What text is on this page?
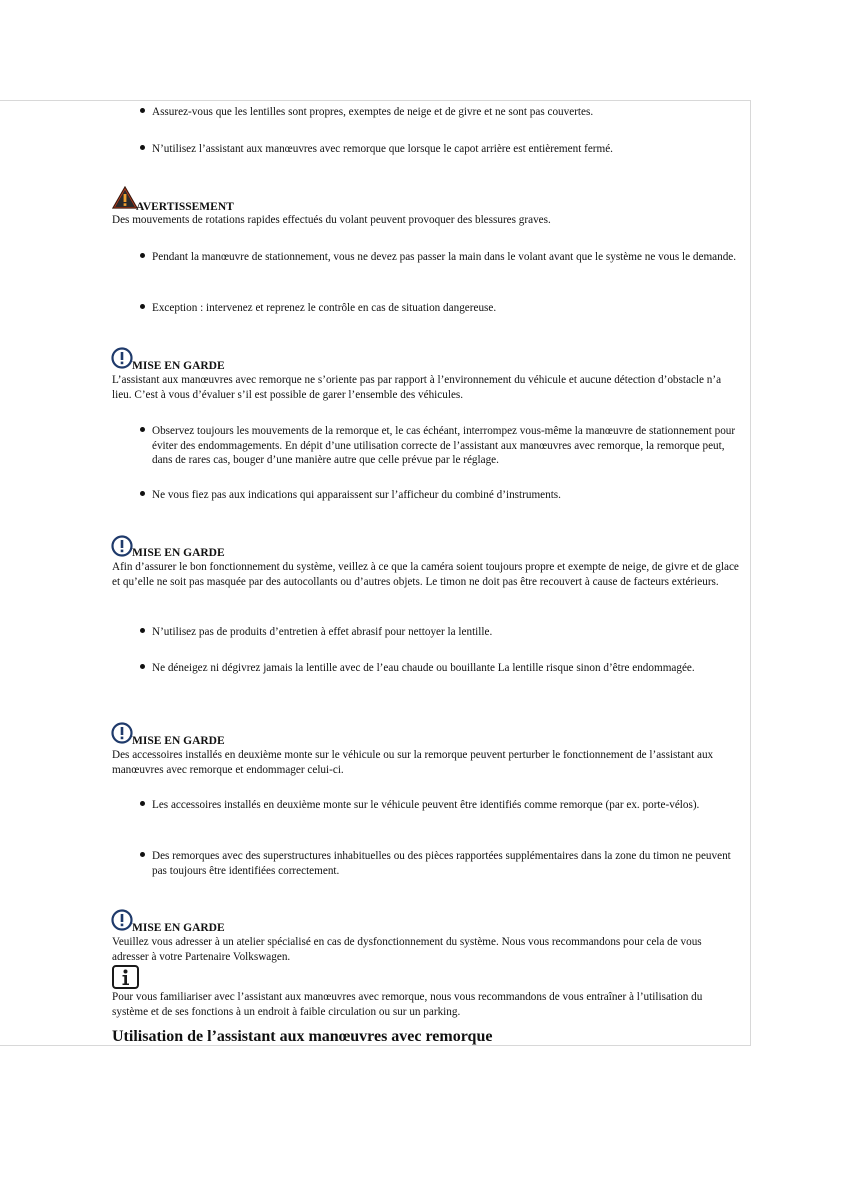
Assurez-vous que les lentilles sont propres, exemptes de neige et de givre et ne sont pas couvertes.
N’utilisez l’assistant aux manœuvres avec remorque que lorsque le capot arrière est entièrement fermé.
AVERTISSEMENT
Des mouvements de rotations rapides effectués du volant peuvent provoquer des blessures graves.
Pendant la manœuvre de stationnement, vous ne devez pas passer la main dans le volant avant que le système ne vous le demande.
Exception : intervenez et reprenez le contrôle en cas de situation dangereuse.
MISE EN GARDE
L’assistant aux manœuvres avec remorque ne s’oriente pas par rapport à l’environnement du véhicule et aucune détection d’obstacle n’a lieu. C’est à vous d’évaluer s’il est possible de garer l’ensemble des véhicules.
Observez toujours les mouvements de la remorque et, le cas échéant, interrompez vous-même la manœuvre de stationnement pour éviter des endommagements. En dépit d’une utilisation correcte de l’assistant aux manœuvres avec remorque, la remorque peut, dans de rares cas, bouger d’une manière autre que celle prévue par le réglage.
Ne vous fiez pas aux indications qui apparaissent sur l’afficheur du combiné d’instruments.
MISE EN GARDE
Afin d’assurer le bon fonctionnement du système, veillez à ce que la caméra soient toujours propre et exempte de neige, de givre et de glace et qu’elle ne soit pas masquée par des autocollants ou d’autres objets. Le timon ne doit pas être recouvert à cause de facteurs extérieurs.
N’utilisez pas de produits d’entretien à effet abrasif pour nettoyer la lentille.
Ne déneigez ni dégivrez jamais la lentille avec de l’eau chaude ou bouillante La lentille risque sinon d’être endommagée.
MISE EN GARDE
Des accessoires installés en deuxième monte sur le véhicule ou sur la remorque peuvent perturber le fonctionnement de l’assistant aux manœuvres avec remorque et endommager celui-ci.
Les accessoires installés en deuxième monte sur le véhicule peuvent être identifiés comme remorque (par ex. porte-vélos).
Des remorques avec des superstructures inhabituelles ou des pièces rapportées supplémentaires dans la zone du timon ne peuvent pas toujours être identifiées correctement.
MISE EN GARDE
Veuillez vous adresser à un atelier spécialisé en cas de dysfonctionnement du système. Nous vous recommandons pour cela de vous adresser à votre Partenaire Volkswagen.
Pour vous familiariser avec l’assistant aux manœuvres avec remorque, nous vous recommandons de vous entraîner à l’utilisation du système et de ses fonctions à un endroit à faible circulation ou sur un parking.
Utilisation de l’assistant aux manœuvres avec remorque
